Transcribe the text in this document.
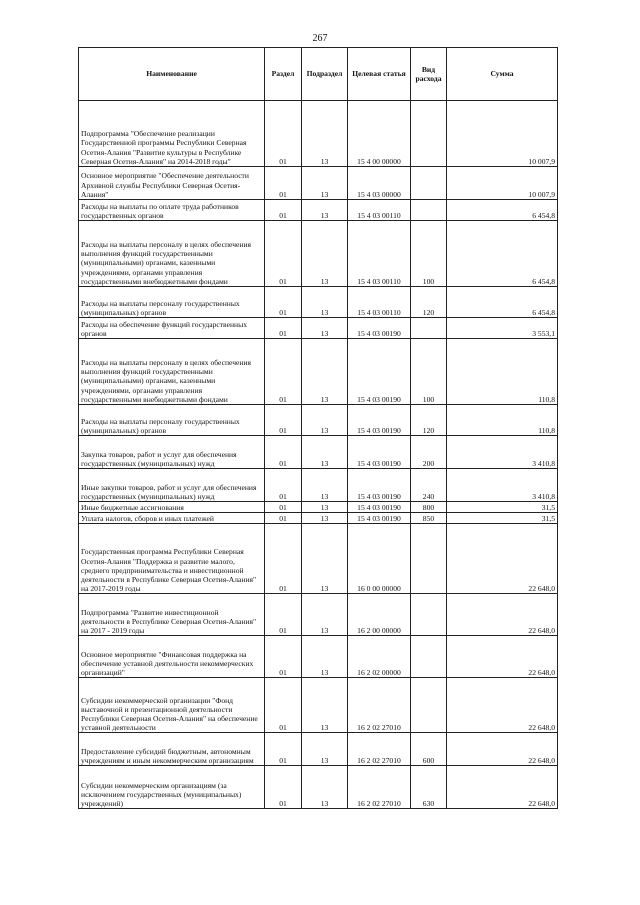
267
Наименование	Раздел	Подраздел	Целевая статья	Вид расхода	Сумма
Подпрограмма "Обеспечение реализации Государственной программы Республики Северная Осетия-Алания "Развитие культуры в Республике Северная Осетия-Алания" на 2014-2018 годы"	01	13	15 4 00 00000		10 007,9
Основное мероприятие "Обеспечение деятельности Архивной службы Республики Северная Осетия-Алания"	01	13	15 4 03 00000		10 007,9
Расходы на выплаты по оплате труда работников государственных органов	01	13	15 4 03 00110		6 454,8
Расходы на выплаты персоналу в целях обеспечения выполнения функций государственными (муниципальными) органами, казенными учреждениями, органами управления государственными внебюджетными фондами	01	13	15 4 03 00110	100	6 454,8
Расходы на выплаты персоналу государственных (муниципальных) органов	01	13	15 4 03 00110	120	6 454,8
Расходы на обеспечение функций государственных органов	01	13	15 4 03 00190		3 553,1
Расходы на выплаты персоналу в целях обеспечения выполнения функций государственными (муниципальными) органами, казенными учреждениями, органами управления государственными внебюджетными фондами	01	13	15 4 03 00190	100	110,8
Расходы на выплаты персоналу государственных (муниципальных) органов	01	13	15 4 03 00190	120	110,8
Закупка товаров, работ и услуг для обеспечения государственных (муниципальных) нужд	01	13	15 4 03 00190	200	3 410,8
Иные закупки товаров, работ и услуг для обеспечения государственных (муниципальных) нужд	01	13	15 4 03 00190	240	3 410,8
Иные бюджетные ассигнования	01	13	15 4 03 00190	800	31,5
Уплата налогов, сборов и иных платежей	01	13	15 4 03 00190	850	31,5
Государственная программа Республики Северная Осетия-Алания "Поддержка и развитие малого, среднего предпринимательства и инвестиционной деятельности в Республике Северная Осетия-Алания" на 2017-2019 годы	01	13	16 0 00 00000		22 648,0
Подпрограмма "Развитие инвестиционной деятельности в Республике Северная Осетия-Алания" на 2017 - 2019 годы	01	13	16 2 00 00000		22 648,0
Основное мероприятие "Финансовая поддержка на обеспечение уставной деятельности некоммерческих организаций"	01	13	16 2 02 00000		22 648,0
Субсидии некоммерческой организации "Фонд выставочной и презентационной деятельности Республики Северная Осетия-Алания" на обеспечение уставной деятельности	01	13	16 2 02 27010		22 648,0
Предоставление субсидий бюджетным, автономным учреждениям и иным некоммерческим организациям	01	13	16 2 02 27010	600	22 648,0
Субсидии некоммерческим организациям (за исключением государственных (муниципальных) учреждений)	01	13	16 2 02 27010	630	22 648,0
